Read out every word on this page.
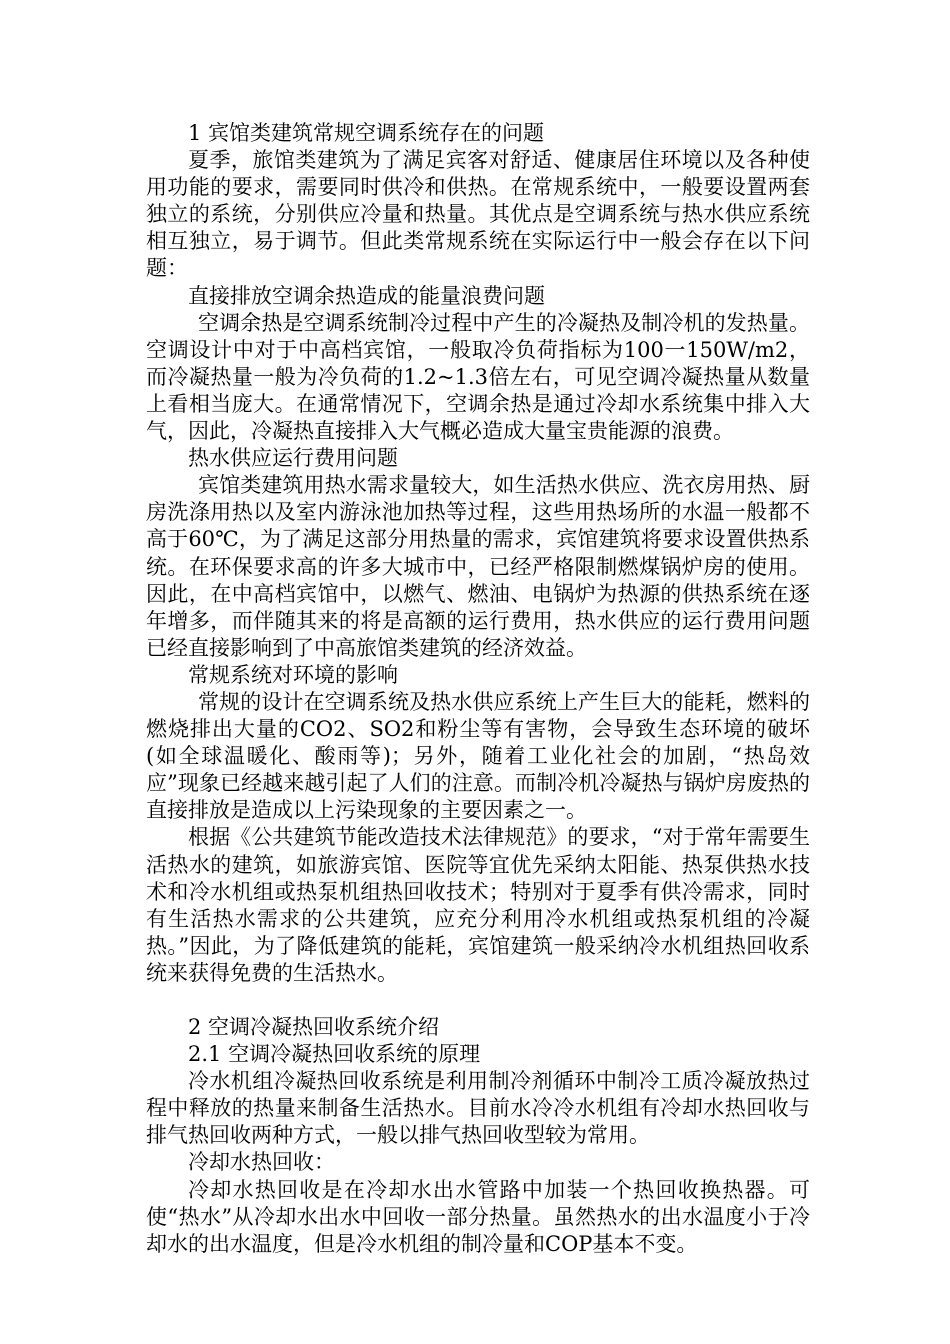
1 宾馆类建筑常规空调系统存在的问题

夏季，旅馆类建筑为了满足宾客对舒适、健康居住环境以及各种使用功能的要求，需要同时供冷和供热。在常规系统中，一般要设置两套独立的系统，分别供应冷量和热量。其优点是空调系统与热水供应系统相互独立，易于调节。但此类常规系统在实际运行中一般会存在以下问题：

直接排放空调余热造成的能量浪费问题

空调余热是空调系统制冷过程中产生的冷凝热及制冷机的发热量。空调设计中对于中高档宾馆，一般取冷负荷指标为100一150W/m2，而冷凝热量一般为冷负荷的1.2~1.3倍左右，可见空调冷凝热量从数量上看相当庞大。在通常情况下，空调余热是通过冷却水系统集中排入大气，因此，冷凝热直接排入大气概必造成大量宝贵能源的浪费。

热水供应运行费用问题

宾馆类建筑用热水需求量较大，如生活热水供应、洗衣房用热、厨房洗涤用热以及室内游泳池加热等过程，这些用热场所的水温一般都不高于60℃，为了满足这部分用热量的需求，宾馆建筑将要求设置供热系统。在环保要求高的许多大城市中，已经严格限制燃煤锅炉房的使用。因此，在中高档宾馆中，以燃气、燃油、电锅炉为热源的供热系统在逐年增多，而伴随其来的将是高额的运行费用，热水供应的运行费用问题已经直接影响到了中高旅馆类建筑的经济效益。

常规系统对环境的影响

常规的设计在空调系统及热水供应系统上产生巨大的能耗，燃料的燃烧排出大量的CO2、SO2和粉尘等有害物，会导致生态环境的破坏(如全球温暖化、酸雨等)；另外，随着工业化社会的加剧，“热岛效应”现象已经越来越引起了人们的注意。而制冷机冷凝热与锅炉房废热的直接排放是造成以上污染现象的主要因素之一。

根据《公共建筑节能改造技术法律规范》的要求，“对于常年需要生活热水的建筑，如旅游宾馆、医院等宜优先采纳太阳能、热泵供热水技术和冷水机组或热泵机组热回收技术；特别对于夏季有供冷需求，同时有生活热水需求的公共建筑，应充分利用冷水机组或热泵机组的冷凝热。”因此，为了降低建筑的能耗，宾馆建筑一般采纳冷水机组热回收系统来获得免费的生活热水。

2 空调冷凝热回收系统介绍

2.1 空调冷凝热回收系统的原理

冷水机组冷凝热回收系统是利用制冷剂循环中制冷工质冷凝放热过程中释放的热量来制备生活热水。目前水冷冷水机组有冷却水热回收与排气热回收两种方式，一般以排气热回收型较为常用。

冷却水热回收：

冷却水热回收是在冷却水出水管路中加装一个热回收换热器。可使“热水”从冷却水出水中回收一部分热量。虽然热水的出水温度小于冷却水的出水温度，但是冷水机组的制冷量和COP基本不变。
